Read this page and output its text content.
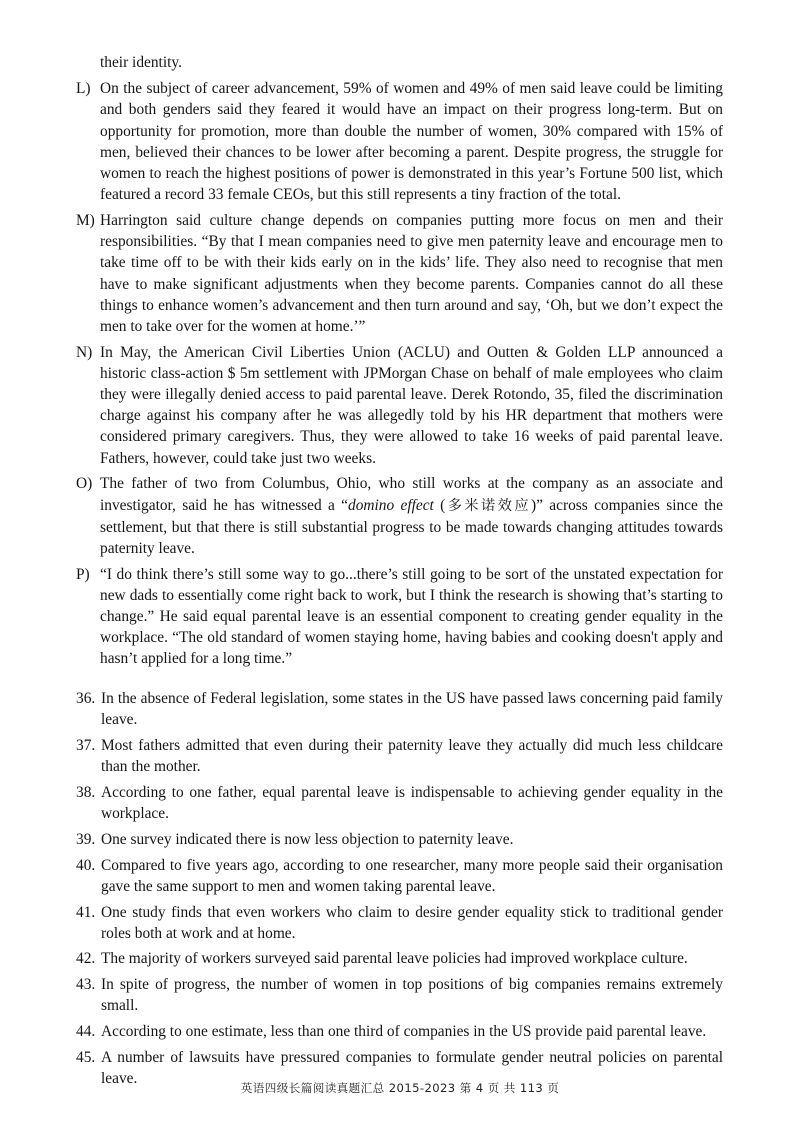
their identity.

L) On the subject of career advancement, 59% of women and 49% of men said leave could be limiting and both genders said they feared it would have an impact on their progress long-term. But on opportunity for promotion, more than double the number of women, 30% compared with 15% of men, believed their chances to be lower after becoming a parent. Despite progress, the struggle for women to reach the highest positions of power is demonstrated in this year’s Fortune 500 list, which featured a record 33 female CEOs, but this still represents a tiny fraction of the total.
M) Harrington said culture change depends on companies putting more focus on men and their responsibilities. “By that I mean companies need to give men paternity leave and encourage men to take time off to be with their kids early on in the kids’ life. They also need to recognise that men have to make significant adjustments when they become parents. Companies cannot do all these things to enhance women’s advancement and then turn around and say, ‘Oh, but we don’t expect the men to take over for the women at home.’”
N) In May, the American Civil Liberties Union (ACLU) and Outten & Golden LLP announced a historic class-action $ 5m settlement with JPMorgan Chase on behalf of male employees who claim they were illegally denied access to paid parental leave. Derek Rotondo, 35, filed the discrimination charge against his company after he was allegedly told by his HR department that mothers were considered primary caregivers. Thus, they were allowed to take 16 weeks of paid parental leave. Fathers, however, could take just two weeks.
O) The father of two from Columbus, Ohio, who still works at the company as an associate and investigator, said he has witnessed a “domino effect (多米诺效应)” across companies since the settlement, but that there is still substantial progress to be made towards changing attitudes towards paternity leave.
P) “I do think there’s still some way to go...there’s still going to be sort of the unstated expectation for new dads to essentially come right back to work, but I think the research is showing that’s starting to change.” He said equal parental leave is an essential component to creating gender equality in the workplace. “The old standard of women staying home, having babies and cooking doesn't apply and hasn’t applied for a long time.”
36. In the absence of Federal legislation, some states in the US have passed laws concerning paid family leave.
37. Most fathers admitted that even during their paternity leave they actually did much less childcare than the mother.
38. According to one father, equal parental leave is indispensable to achieving gender equality in the workplace.
39. One survey indicated there is now less objection to paternity leave.
40. Compared to five years ago, according to one researcher, many more people said their organisation gave the same support to men and women taking parental leave.
41. One study finds that even workers who claim to desire gender equality stick to traditional gender roles both at work and at home.
42. The majority of workers surveyed said parental leave policies had improved workplace culture.
43. In spite of progress, the number of women in top positions of big companies remains extremely small.
44. According to one estimate, less than one third of companies in the US provide paid parental leave.
45. A number of lawsuits have pressured companies to formulate gender neutral policies on parental leave.
英语四级长篇阅读真题汇总 2015-2023 第 4 页 共 113 页
